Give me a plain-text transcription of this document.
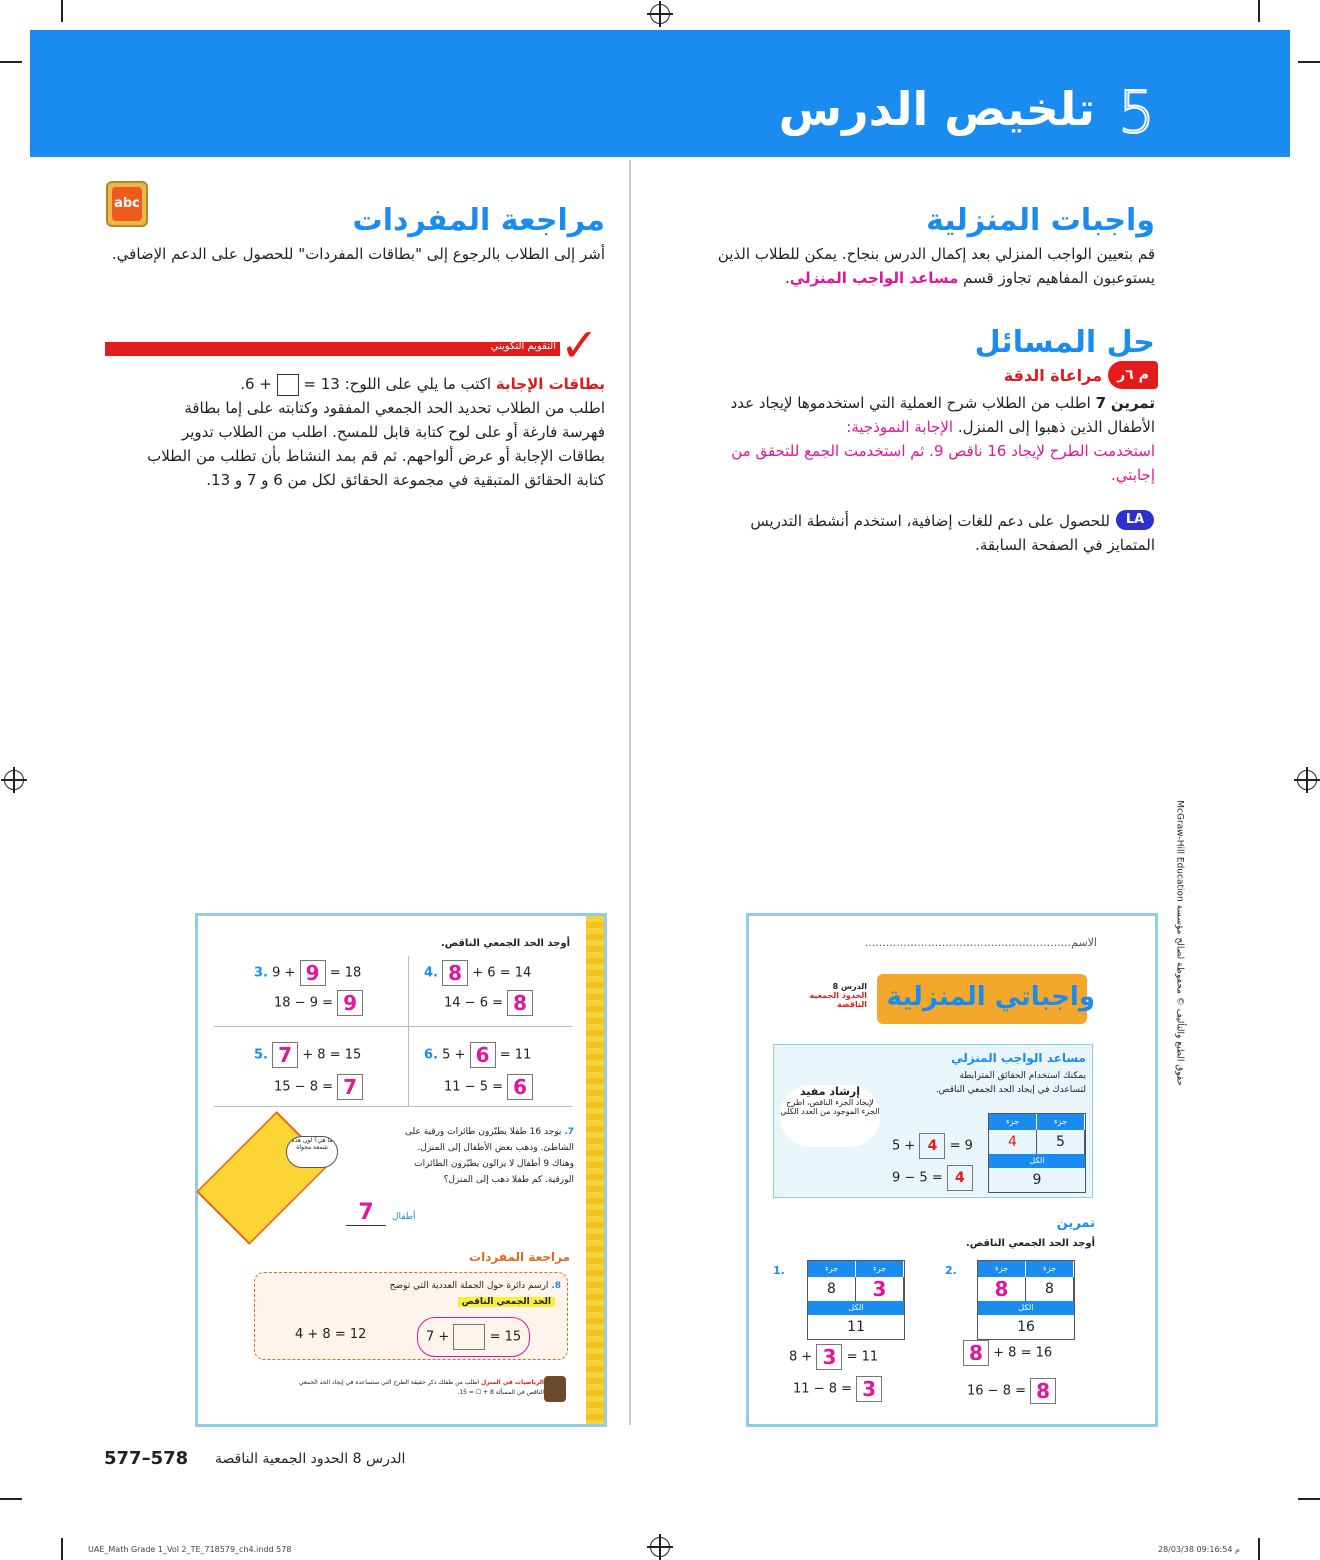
5
تلخيص الدرس
واجبات المنزلية
قم بتعيين الواجب المنزلي بعد إكمال الدرس بنجاح. يمكن للطلاب الذين
يستوعبون المفاهيم تجاوز قسم مساعد الواجب المنزلي.
حل المسائل
م ٦ر
مراعاة الدقة
تمرين 7 اطلب من الطلاب شرح العملية التي استخدموها لإيجاد عدد
الأطفال الذين ذهبوا إلى المنزل. الإجابة النموذجية:
استخدمت الطرح لإيجاد 16 ناقص 9. ثم استخدمت الجمع للتحقق من
إجابتي.
LA
للحصول على دعم للغات إضافية، استخدم أنشطة التدريس
المتمايز في الصفحة السابقة.
abc	مراجعة المفردات
أشر إلى الطلاب بالرجوع إلى "بطاقات المفردات" للحصول على الدعم الإضافي.
التقويم التكويني ✓
بطاقات الإجابة اكتب ما يلي على اللوح: 13 =  + 6.
اطلب من الطلاب تحديد الحد الجمعي المفقود وكتابته على إما بطاقة
فهرسة فارغة أو على لوح كتابة قابل للمسح. اطلب من الطلاب تدوير
بطاقات الإجابة أو عرض ألواحهم. ثم قم بمد النشاط بأن تطلب من الطلاب
كتابة الحقائق المتبقية في مجموعة الحقائق لكل من 6 و 7 و 13.
الاسم...........................................................
واجباتي المنزلية
الدرس 8
الحدود الجمعية الناقصة
McGraw-Hill Education حقوق الطبع والتأليف © محفوظة لصالح مؤسسة
مساعد الواجب المنزلي
يمكنك استخدام الحقائق المترابطة
لتساعدك في إيجاد الحد الجمعي الناقص.
إرشاد مفيد
لإيجاد الجزء الناقص، اطرح الجزء الموجود من العدد الكلي
جزء	جزء
4	5
الكل
9
5 + 4 = 9
9 − 5 = 4
تمرين
أوجد الحد الجمعي الناقص.
1.	جزء	جزء
8	3
الكل
11
8 + 3 = 11
11 − 8 = 3
2.	جزء	جزء
8	8
الكل
16
8 + 8 = 16
16 − 8 = 8
أوجد الحد الجمعي الناقص.
3. 9 + 9 = 18
18 − 9 = 9
4. 8 + 6 = 14
14 − 6 = 8
5. 7 + 8 = 15
15 − 8 = 7
6. 5 + 6 = 11
11 − 5 = 6
ما هي؟ لون هذه شمعة مجواة
7. يوجد 16 طفلا يطيّرون طائرات ورقية على
الشاطئ. وذهب بعض الأطفال إلى المنزل.
وهناك 9 أطفال لا يزالون يطيّرون الطائرات
الورقية. كم طفلا ذهب إلى المنزل؟
7	أطفال
مراجعة المفردات
8. ارسم دائرة حول الجملة العددية التي توضح
الحد الجمعي الناقص
4 + 8 = 12	7 +	= 15
الرياضيات في المنزل اطلب من طفلك ذكر حقيقة الطرح التي ستساعده في إيجاد الحد الجمعي
الناقص في المسألة 8 + ☐ = 15.
577–578 الدرس 8 الحدود الجمعية الناقصة
UAE_Math Grade 1_Vol 2_TE_718579_ch4.indd 578	28/03/38 09:16:54 م
